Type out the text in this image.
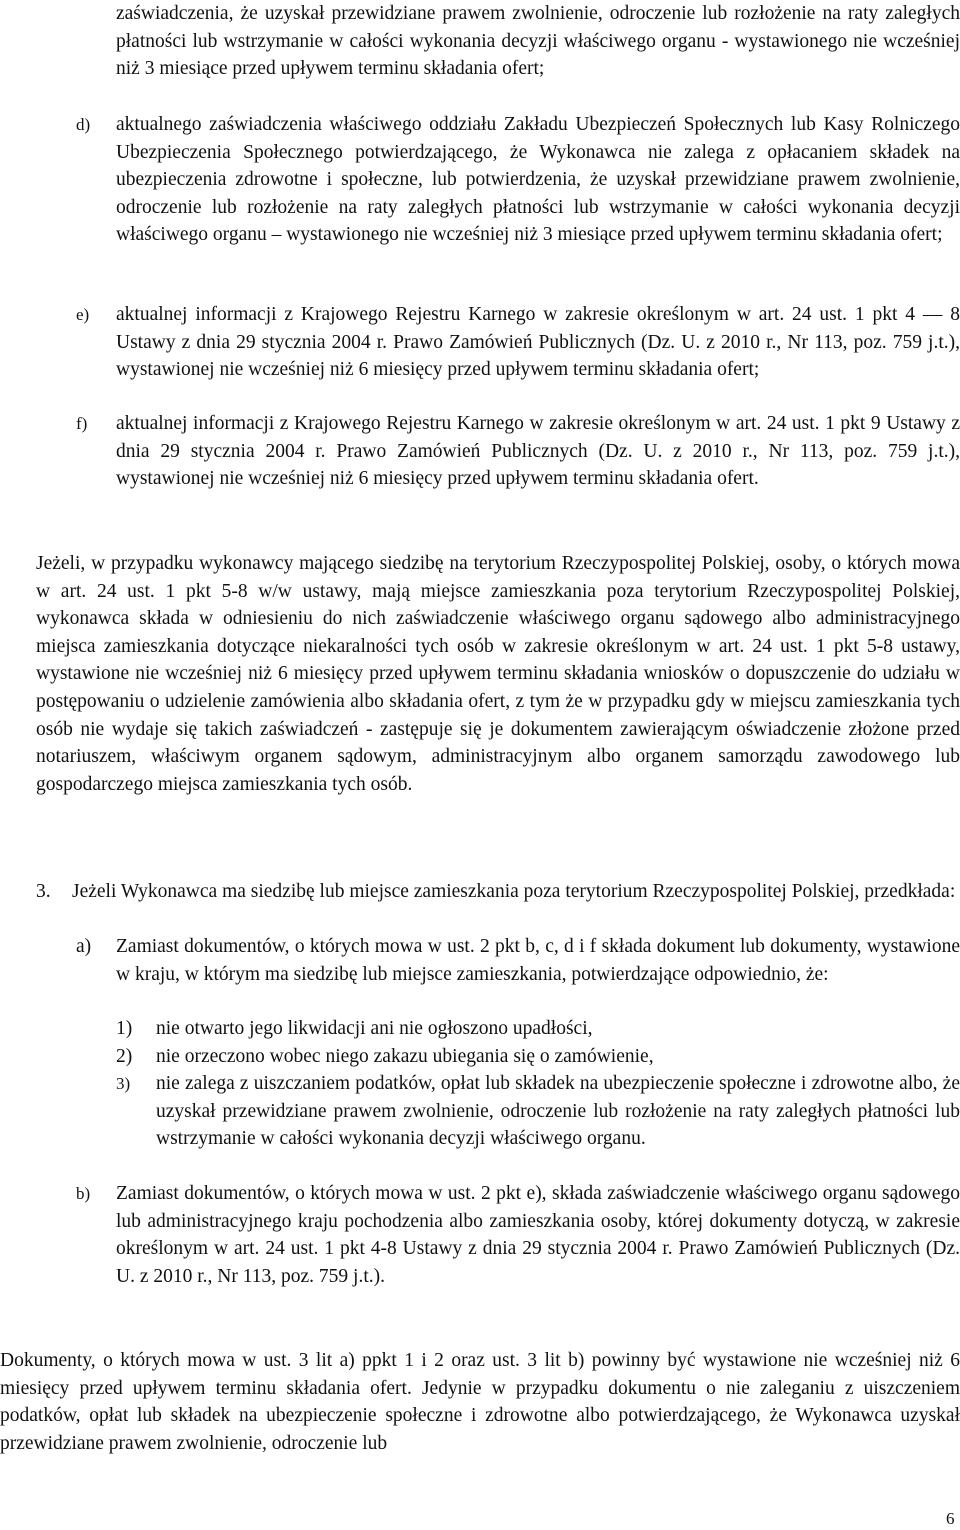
zaświadczenia, że uzyskał przewidziane prawem zwolnienie, odroczenie lub rozłożenie na raty zaległych płatności lub wstrzymanie w całości wykonania decyzji właściwego organu - wystawionego nie wcześniej niż 3 miesiące przed upływem terminu składania ofert;
d) aktualnego zaświadczenia właściwego oddziału Zakładu Ubezpieczeń Społecznych lub Kasy Rolniczego Ubezpieczenia Społecznego potwierdzającego, że Wykonawca nie zalega z opłacaniem składek na ubezpieczenia zdrowotne i społeczne, lub potwierdzenia, że uzyskał przewidziane prawem zwolnienie, odroczenie lub rozłożenie na raty zaległych płatności lub wstrzymanie w całości wykonania decyzji właściwego organu – wystawionego nie wcześniej niż 3 miesiące przed upływem terminu składania ofert;
e) aktualnej informacji z Krajowego Rejestru Karnego w zakresie określonym w art. 24 ust. 1 pkt 4 — 8 Ustawy z dnia 29 stycznia 2004 r. Prawo Zamówień Publicznych (Dz. U. z 2010 r., Nr 113, poz. 759 j.t.), wystawionej nie wcześniej niż 6 miesięcy przed upływem terminu składania ofert;
f) aktualnej informacji z Krajowego Rejestru Karnego w zakresie określonym w art. 24 ust. 1 pkt 9 Ustawy z dnia 29 stycznia 2004 r. Prawo Zamówień Publicznych (Dz. U. z 2010 r., Nr 113, poz. 759 j.t.), wystawionej nie wcześniej niż 6 miesięcy przed upływem terminu składania ofert.
Jeżeli, w przypadku wykonawcy mającego siedzibę na terytorium Rzeczypospolitej Polskiej, osoby, o których mowa w art. 24 ust. 1 pkt 5-8 w/w ustawy, mają miejsce zamieszkania poza terytorium Rzeczypospolitej Polskiej, wykonawca składa w odniesieniu do nich zaświadczenie właściwego organu sądowego albo administracyjnego miejsca zamieszkania dotyczące niekaralności tych osób w zakresie określonym w art. 24 ust. 1 pkt 5-8 ustawy, wystawione nie wcześniej niż 6 miesięcy przed upływem terminu składania wniosków o dopuszczenie do udziału w postępowaniu o udzielenie zamówienia albo składania ofert, z tym że w przypadku gdy w miejscu zamieszkania tych osób nie wydaje się takich zaświadczeń - zastępuje się je dokumentem zawierającym oświadczenie złożone przed notariuszem, właściwym organem sądowym, administracyjnym albo organem samorządu zawodowego lub gospodarczego miejsca zamieszkania tych osób.
3. Jeżeli Wykonawca ma siedzibę lub miejsce zamieszkania poza terytorium Rzeczypospolitej Polskiej, przedkłada:
a) Zamiast dokumentów, o których mowa w ust. 2 pkt b, c, d i f składa dokument lub dokumenty, wystawione w kraju, w którym ma siedzibę lub miejsce zamieszkania, potwierdzające odpowiednio, że:
1) nie otwarto jego likwidacji ani nie ogłoszono upadłości,
2) nie orzeczono wobec niego zakazu ubiegania się o zamówienie,
3) nie zalega z uiszczaniem podatków, opłat lub składek na ubezpieczenie społeczne i zdrowotne albo, że uzyskał przewidziane prawem zwolnienie, odroczenie lub rozłożenie na raty zaległych płatności lub wstrzymanie w całości wykonania decyzji właściwego organu.
b) Zamiast dokumentów, o których mowa w ust. 2 pkt e), składa zaświadczenie właściwego organu sądowego lub administracyjnego kraju pochodzenia albo zamieszkania osoby, której dokumenty dotyczą, w zakresie określonym w art. 24 ust. 1 pkt 4-8 Ustawy z dnia 29 stycznia 2004 r. Prawo Zamówień Publicznych (Dz. U. z 2010 r., Nr 113, poz. 759 j.t.).
Dokumenty, o których mowa w ust. 3 lit a) ppkt 1 i 2 oraz ust. 3 lit b) powinny być wystawione nie wcześniej niż 6 miesięcy przed upływem terminu składania ofert. Jedynie w przypadku dokumentu o nie zaleganiu z uiszczeniem podatków, opłat lub składek na ubezpieczenie społeczne i zdrowotne albo potwierdzającego, że Wykonawca uzyskał przewidziane prawem zwolnienie, odroczenie lub
6
